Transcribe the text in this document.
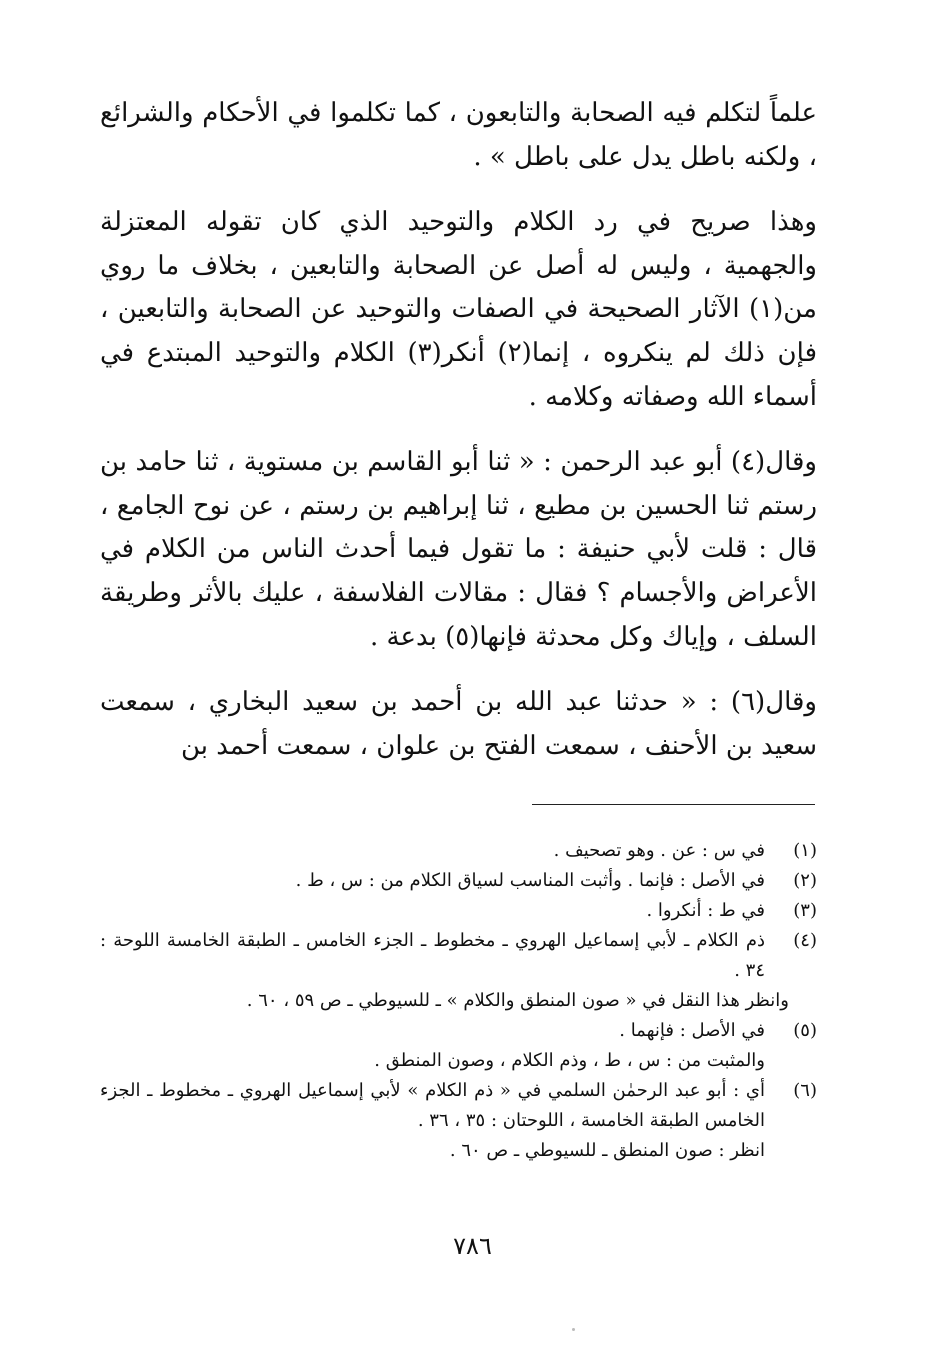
علماً لتكلم فيه الصحابة والتابعون ، كما تكلموا في الأحكام والشرائع ، ولكنه باطل يدل على باطل » .

وهذا صريح في رد الكلام والتوحيد الذي كان تقوله المعتزلة والجهمية ، وليس له أصل عن الصحابة والتابعين ، بخلاف ما روي من(١) الآثار الصحيحة في الصفات والتوحيد عن الصحابة والتابعين ، فإن ذلك لم ينكروه ، إنما(٢) أنكر(٣) الكلام والتوحيد المبتدع في أسماء الله وصفاته وكلامه .

وقال(٤) أبو عبد الرحمن : « ثنا أبو القاسم بن مستوية ، ثنا حامد بن رستم ثنا الحسين بن مطيع ، ثنا إبراهيم بن رستم ، عن نوح الجامع ، قال : قلت لأبي حنيفة : ما تقول فيما أحدث الناس من الكلام في الأعراض والأجسام ؟ فقال : مقالات الفلاسفة ، عليك بالأثر وطريقة السلف ، وإياك وكل محدثة فإنها(٥) بدعة .

وقال(٦) : « حدثنا عبد الله بن أحمد بن سعيد البخاري ، سمعت سعيد بن الأحنف ، سمعت الفتح بن علوان ، سمعت أحمد بن

(١)
في س : عن . وهو تصحيف .
(٢)
في الأصل : فإنما . وأثبت المناسب لسياق الكلام من : س ، ط .
(٣)
في ط : أنكروا .
(٤)
ذم الكلام ـ لأبي إسماعيل الهروي ـ مخطوط ـ الجزء الخامس ـ الطبقة الخامسة اللوحة : ٣٤ .
وانظر هذا النقل في « صون المنطق والكلام » ـ للسيوطي ـ ص ٥٩ ، ٦٠ .
(٥)
في الأصل : فإنهما .
والمثبت من : س ، ط ، وذم الكلام ، وصون المنطق .
(٦)
أي : أبو عبد الرحمٰن السلمي في « ذم الكلام » لأبي إسماعيل الهروي ـ مخطوط ـ الجزء الخامس الطبقة الخامسة ، اللوحتان : ٣٥ ، ٣٦ .
انظر : صون المنطق ـ للسيوطي ـ ص ٦٠ .
٧٨٦
